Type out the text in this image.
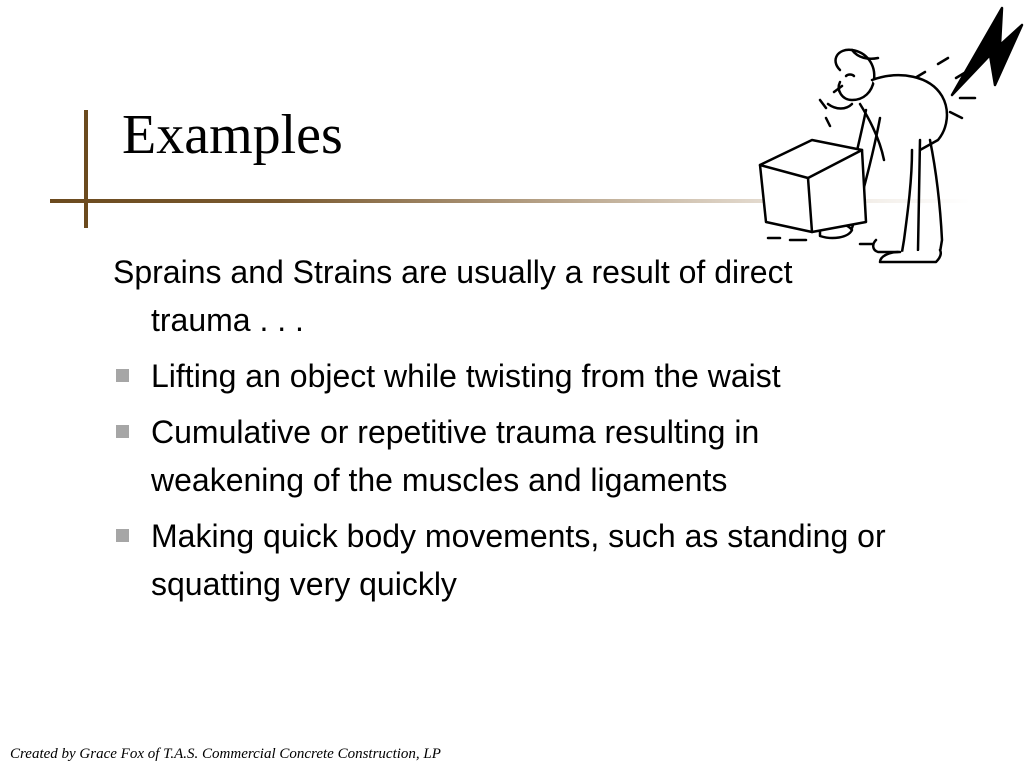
Examples

Sprains and Strains are usually a result of direct trauma . . .

Lifting an object while twisting from the waist
Cumulative or repetitive trauma resulting in weakening of the muscles and ligaments
Making quick body movements, such as standing or squatting very quickly
Created by Grace Fox of T.A.S. Commercial Concrete Construction, LP
